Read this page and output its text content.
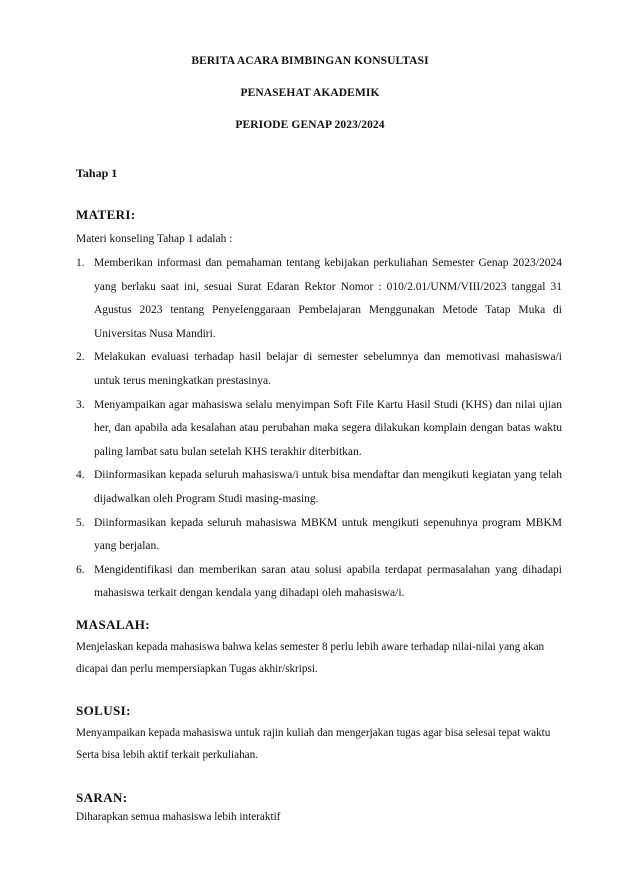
BERITA ACARA BIMBINGAN KONSULTASI
PENASEHAT AKADEMIK
PERIODE GENAP 2023/2024
Tahap 1
MATERI:
Materi konseling Tahap 1 adalah :
1. Memberikan informasi dan pemahaman tentang kebijakan perkuliahan Semester Genap 2023/2024 yang berlaku saat ini, sesuai Surat Edaran Rektor Nomor : 010/2.01/UNM/VIII/2023 tanggal 31 Agustus 2023 tentang Penyelenggaraan Pembelajaran Menggunakan Metode Tatap Muka di Universitas Nusa Mandiri.
2. Melakukan evaluasi terhadap hasil belajar di semester sebelumnya dan memotivasi mahasiswa/i untuk terus meningkatkan prestasinya.
3. Menyampaikan agar mahasiswa selalu menyimpan Soft File Kartu Hasil Studi (KHS) dan nilai ujian her, dan apabila ada kesalahan atau perubahan maka segera dilakukan komplain dengan batas waktu paling lambat satu bulan setelah KHS terakhir diterbitkan.
4. Diinformasikan kepada seluruh mahasiswa/i untuk bisa mendaftar dan mengikuti kegiatan yang telah dijadwalkan oleh Program Studi masing-masing.
5. Diinformasikan kepada seluruh mahasiswa MBKM untuk mengikuti sepenuhnya program MBKM yang berjalan.
6. Mengidentifikasi dan memberikan saran atau solusi apabila terdapat permasalahan yang dihadapi mahasiswa terkait dengan kendala yang dihadapi oleh mahasiswa/i.
MASALAH:
Menjelaskan kepada mahasiswa bahwa kelas semester 8 perlu lebih aware terhadap nilai-nilai yang akan dicapai dan perlu mempersiapkan Tugas akhir/skripsi.
SOLUSI:
Menyampaikan kepada mahasiswa untuk rajin kuliah dan mengerjakan tugas agar bisa selesai tepat waktu Serta bisa lebih aktif terkait perkuliahan.
SARAN:
Diharapkan semua mahasiswa lebih interaktif
